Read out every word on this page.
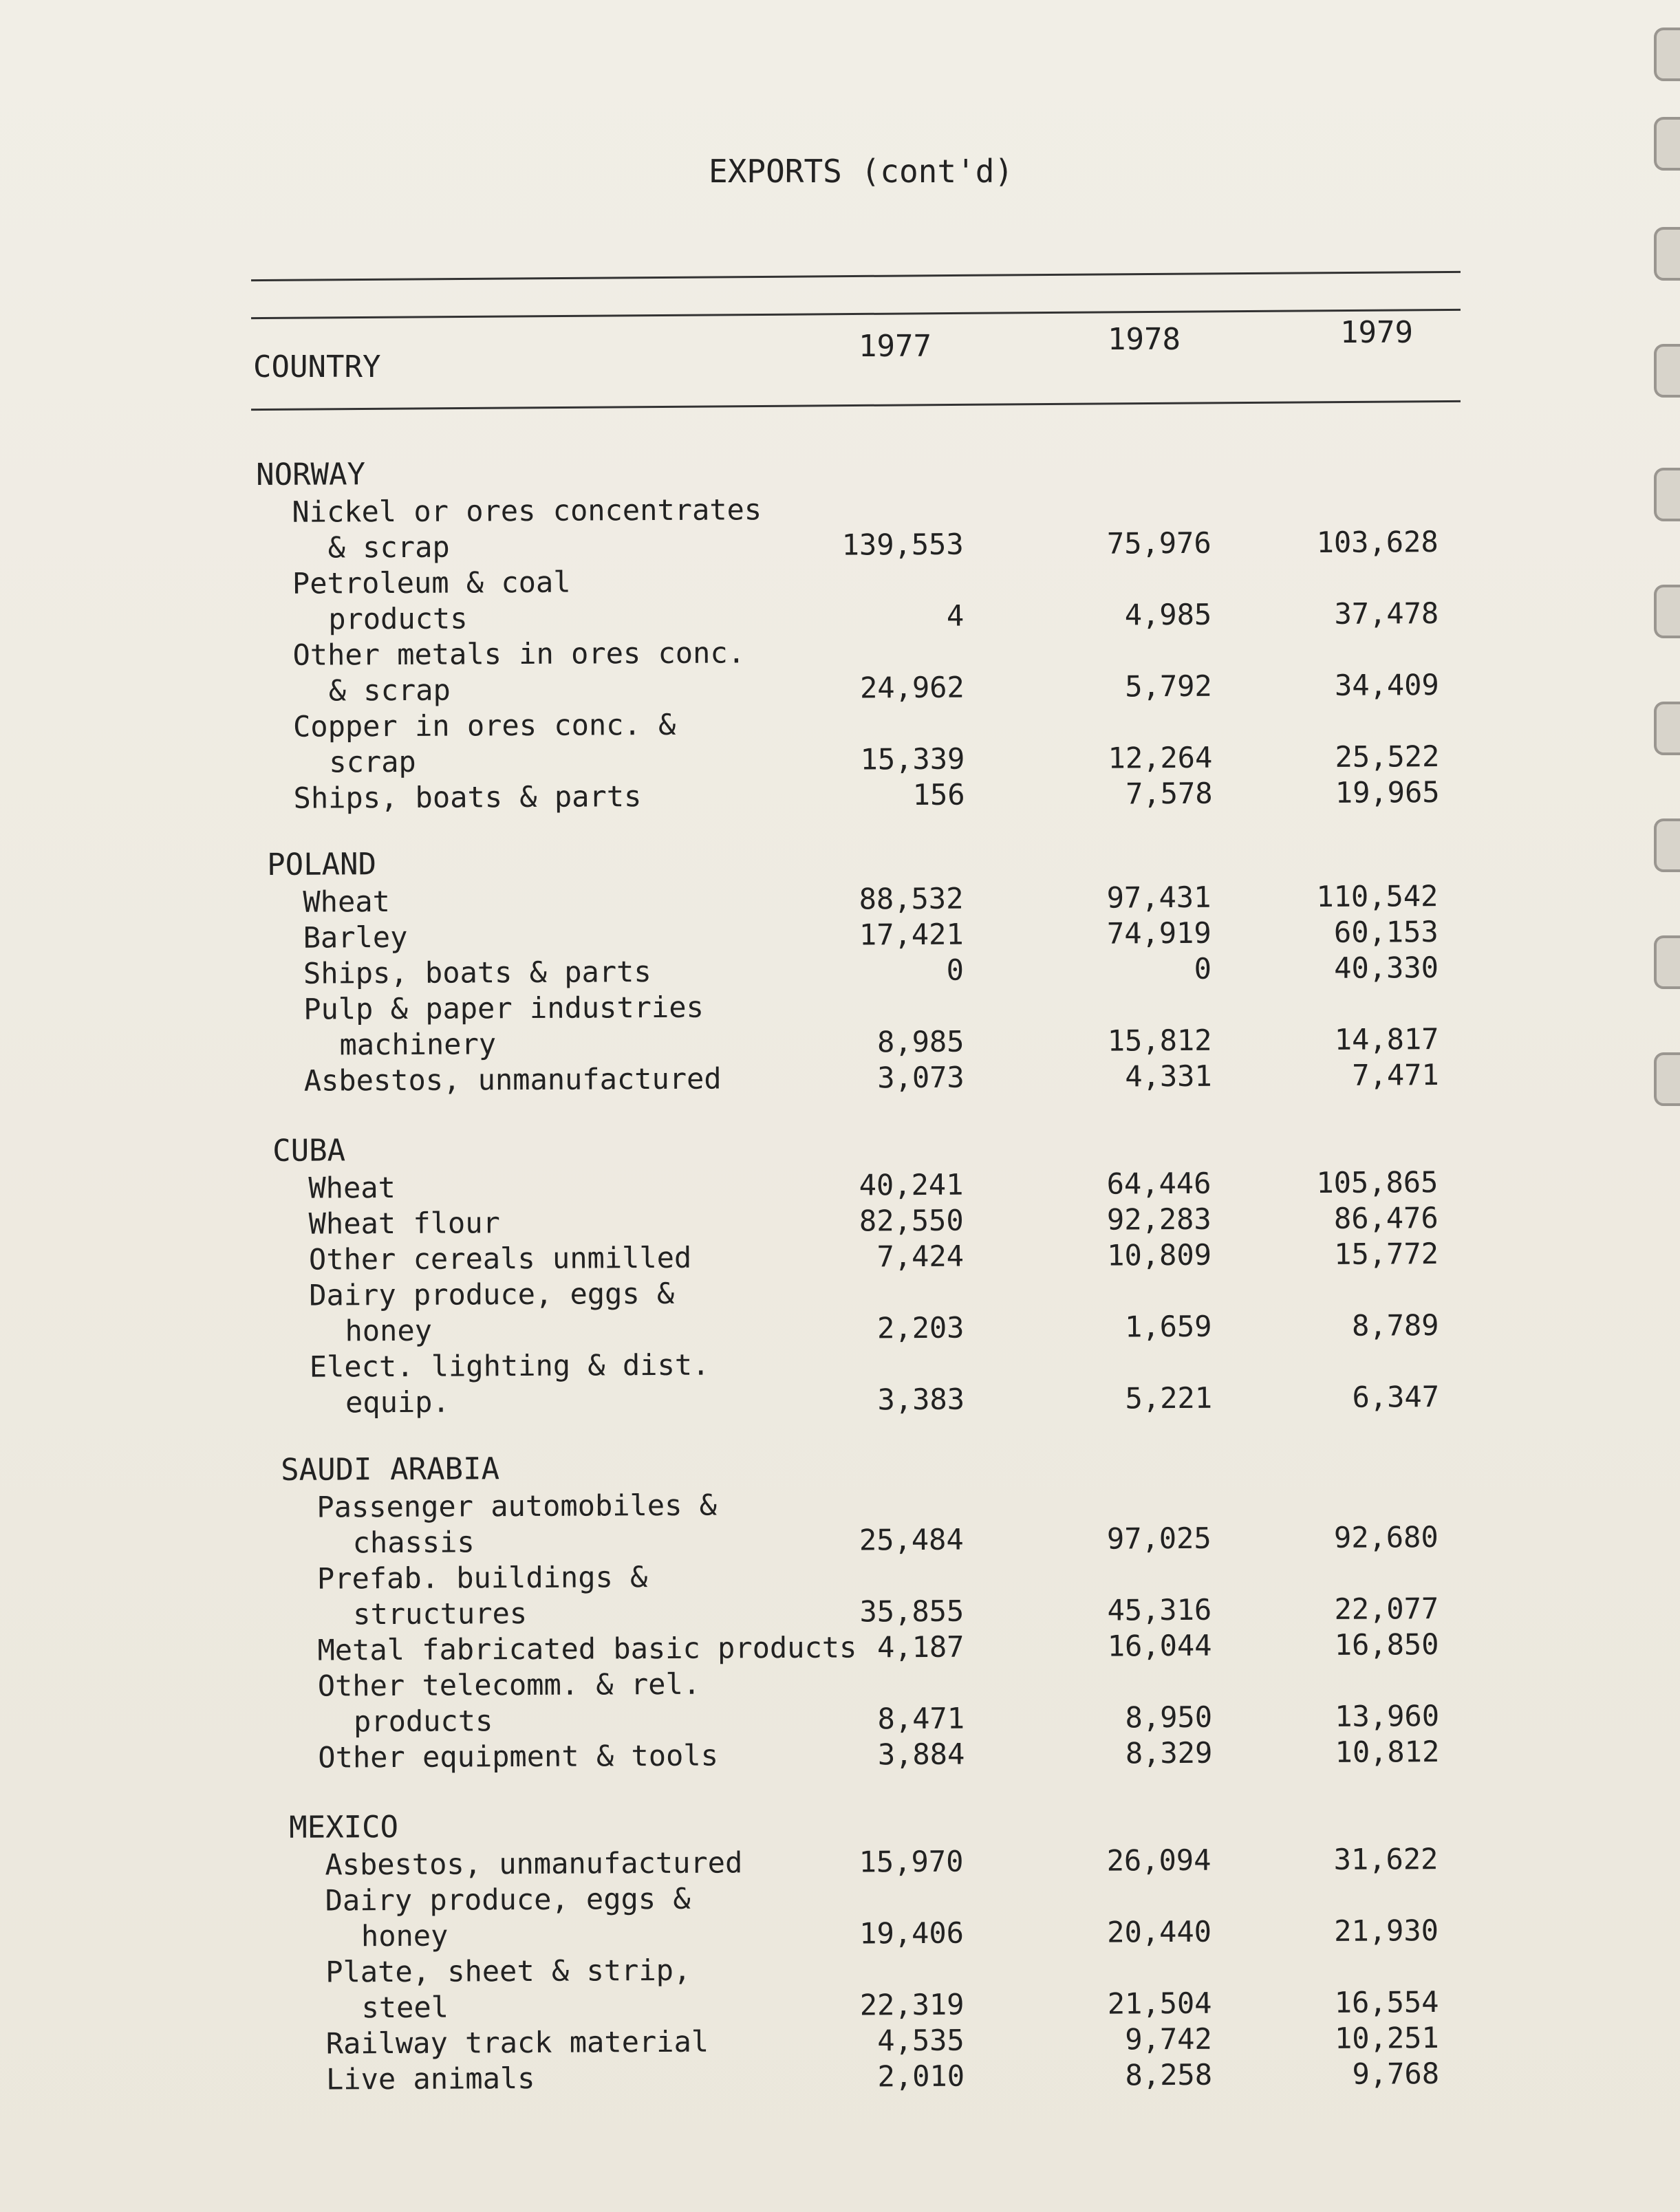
EXPORTS (cont'd)
COUNTRY
1977	1978	1979
NORWAY
Nickel or ores concentrates
& scrap	139,553	75,976	103,628
Petroleum & coal
products	4	4,985	37,478
Other metals in ores conc.
& scrap	24,962	5,792	34,409
Copper in ores conc. &
scrap	15,339	12,264	25,522
Ships, boats & parts	156	7,578	19,965
POLAND
Wheat	88,532	97,431	110,542
Barley	17,421	74,919	60,153
Ships, boats & parts	0	0	40,330
Pulp & paper industries
machinery	8,985	15,812	14,817
Asbestos, unmanufactured	3,073	4,331	7,471
CUBA
Wheat	40,241	64,446	105,865
Wheat flour	82,550	92,283	86,476
Other cereals unmilled	7,424	10,809	15,772
Dairy produce, eggs &
honey	2,203	1,659	8,789
Elect. lighting & dist.
equip.	3,383	5,221	6,347
SAUDI ARABIA
Passenger automobiles &
chassis	25,484	97,025	92,680
Prefab. buildings &
structures	35,855	45,316	22,077
Metal fabricated basic products 4,187	16,044	16,850
Other telecomm. & rel.
products	8,471	8,950	13,960
Other equipment & tools	3,884	8,329	10,812
MEXICO
Asbestos, unmanufactured	15,970	26,094	31,622
Dairy produce, eggs &
honey	19,406	20,440	21,930
Plate, sheet & strip,
steel	22,319	21,504	16,554
Railway track material	4,535	9,742	10,251
Live animals	2,010	8,258	9,768
